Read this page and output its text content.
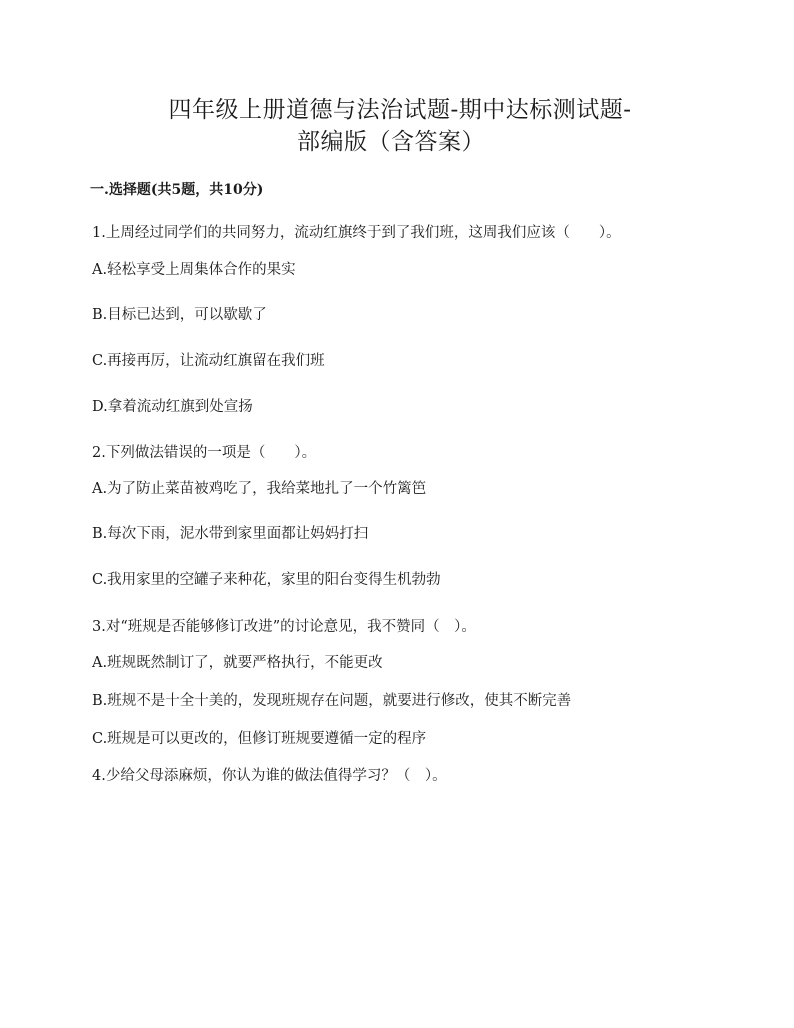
四年级上册道德与法治试题-期中达标测试题-
部编版（含答案）
一.选择题(共5题，共10分)
1.上周经过同学们的共同努力，流动红旗终于到了我们班，这周我们应该（　　）。
A.轻松享受上周集体合作的果实
B.目标已达到，可以歇歇了
C.再接再厉，让流动红旗留在我们班
D.拿着流动红旗到处宣扬
2.下列做法错误的一项是（　　）。
A.为了防止菜苗被鸡吃了，我给菜地扎了一个竹篱笆
B.每次下雨，泥水带到家里面都让妈妈打扫
C.我用家里的空罐子来种花，家里的阳台变得生机勃勃
3.对“班规是否能够修订改进”的讨论意见，我不赞同（　）。
A.班规既然制订了，就要严格执行，不能更改
B.班规不是十全十美的，发现班规存在问题，就要进行修改，使其不断完善
C.班规是可以更改的，但修订班规要遵循一定的程序
4.少给父母添麻烦，你认为谁的做法值得学习？（　）。
